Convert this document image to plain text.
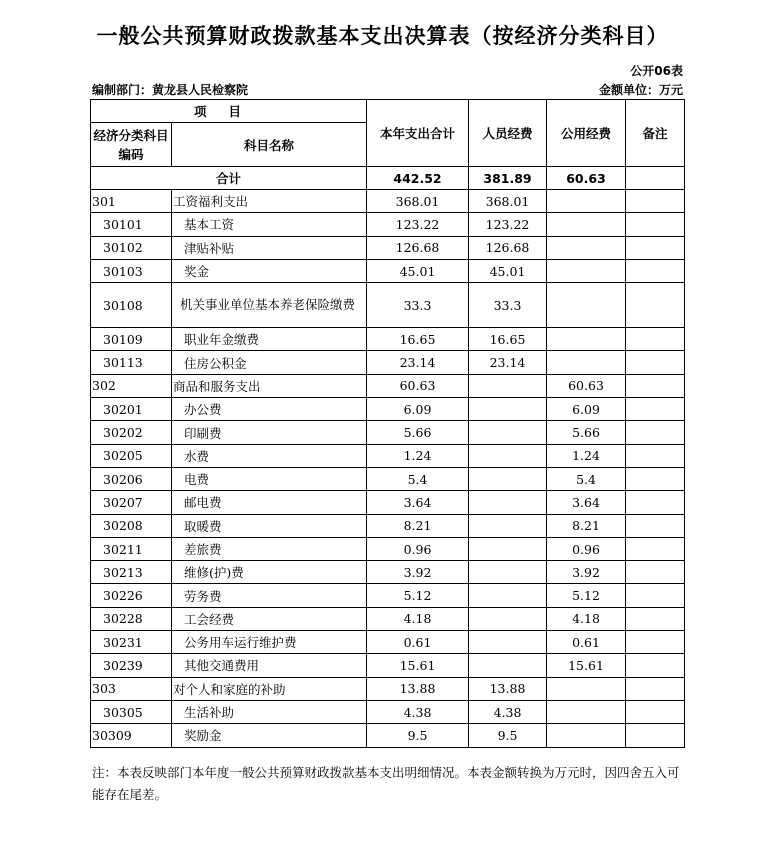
一般公共预算财政拨款基本支出决算表（按经济分类科目）
公开06表
编制部门：黄龙县人民检察院	金额单位：万元
项目		本年支出合计	人员经费	公用经费	备注
经济分类科目编码	科目名称				
合计		442.52	381.89	60.63	
301	工资福利支出	368.01	368.01		
30101	基本工资	123.22	123.22		
30102	津贴补贴	126.68	126.68		
30103	奖金	45.01	45.01		
30108	机关事业单位基本养老保险缴费	33.3	33.3		
30109	职业年金缴费	16.65	16.65		
30113	住房公积金	23.14	23.14		
302	商品和服务支出	60.63		60.63	
30201	办公费	6.09		6.09	
30202	印刷费	5.66		5.66	
30205	水费	1.24		1.24	
30206	电费	5.4		5.4	
30207	邮电费	3.64		3.64	
30208	取暖费	8.21		8.21	
30211	差旅费	0.96		0.96	
30213	维修(护)费	3.92		3.92	
30226	劳务费	5.12		5.12	
30228	工会经费	4.18		4.18	
30231	公务用车运行维护费	0.61		0.61	
30239	其他交通费用	15.61		15.61	
303	对个人和家庭的补助	13.88	13.88		
30305	生活补助	4.38	4.38		
30309	奖励金	9.5	9.5		
注：本表反映部门本年度一般公共预算财政拨款基本支出明细情况。本表金额转换为万元时，因四舍五入可能存在尾差。
